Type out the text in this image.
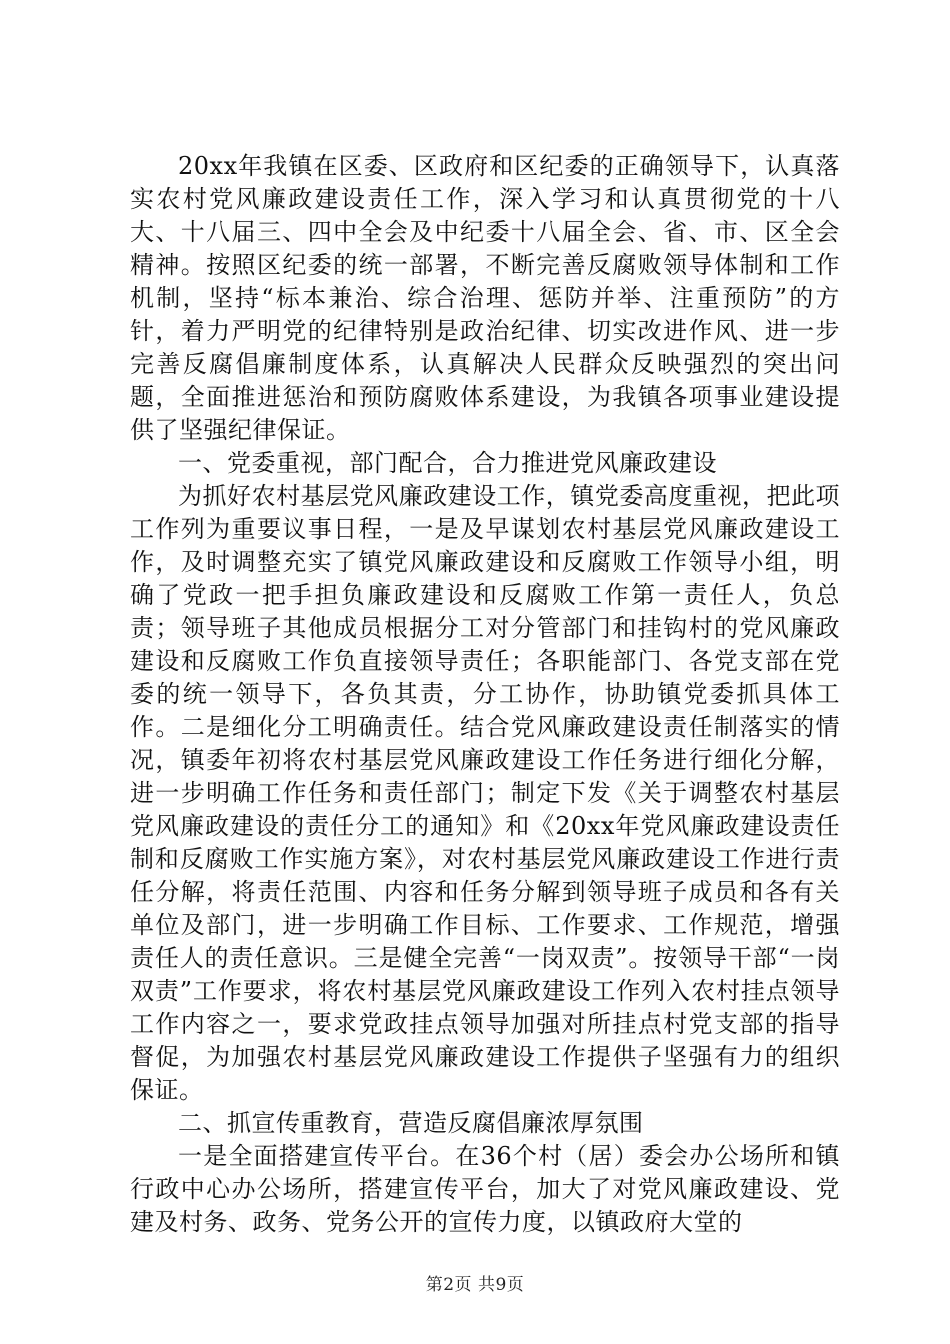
20xx年我镇在区委、区政府和区纪委的正确领导下，认真落实农村党风廉政建设责任工作，深入学习和认真贯彻党的十八大、十八届三、四中全会及中纪委十八届全会、省、市、区全会精神。按照区纪委的统一部署，不断完善反腐败领导体制和工作机制，坚持“标本兼治、综合治理、惩防并举、注重预防”的方针，着力严明党的纪律特别是政治纪律、切实改进作风、进一步完善反腐倡廉制度体系，认真解决人民群众反映强烈的突出问题，全面推进惩治和预防腐败体系建设，为我镇各项事业建设提供了坚强纪律保证。

一、党委重视，部门配合，合力推进党风廉政建设

为抓好农村基层党风廉政建设工作，镇党委高度重视，把此项工作列为重要议事日程，一是及早谋划农村基层党风廉政建设工作，及时调整充实了镇党风廉政建设和反腐败工作领导小组，明确了党政一把手担负廉政建设和反腐败工作第一责任人，负总责；领导班子其他成员根据分工对分管部门和挂钩村的党风廉政建设和反腐败工作负直接领导责任；各职能部门、各党支部在党委的统一领导下，各负其责，分工协作，协助镇党委抓具体工作。二是细化分工明确责任。结合党风廉政建设责任制落实的情况，镇委年初将农村基层党风廉政建设工作任务进行细化分解，进一步明确工作任务和责任部门；制定下发《关于调整农村基层党风廉政建设的责任分工的通知》和《20xx年党风廉政建设责任制和反腐败工作实施方案》，对农村基层党风廉政建设工作进行责任分解，将责任范围、内容和任务分解到领导班子成员和各有关单位及部门，进一步明确工作目标、工作要求、工作规范，增强责任人的责任意识。三是健全完善“一岗双责”。按领导干部“一岗双责”工作要求，将农村基层党风廉政建设工作列入农村挂点领导工作内容之一，要求党政挂点领导加强对所挂点村党支部的指导督促，为加强农村基层党风廉政建设工作提供子坚强有力的组织保证。

二、抓宣传重教育，营造反腐倡廉浓厚氛围

一是全面搭建宣传平台。在36个村（居）委会办公场所和镇行政中心办公场所，搭建宣传平台，加大了对党风廉政建设、党建及村务、政务、党务公开的宣传力度，以镇政府大堂的

第2页 共9页
